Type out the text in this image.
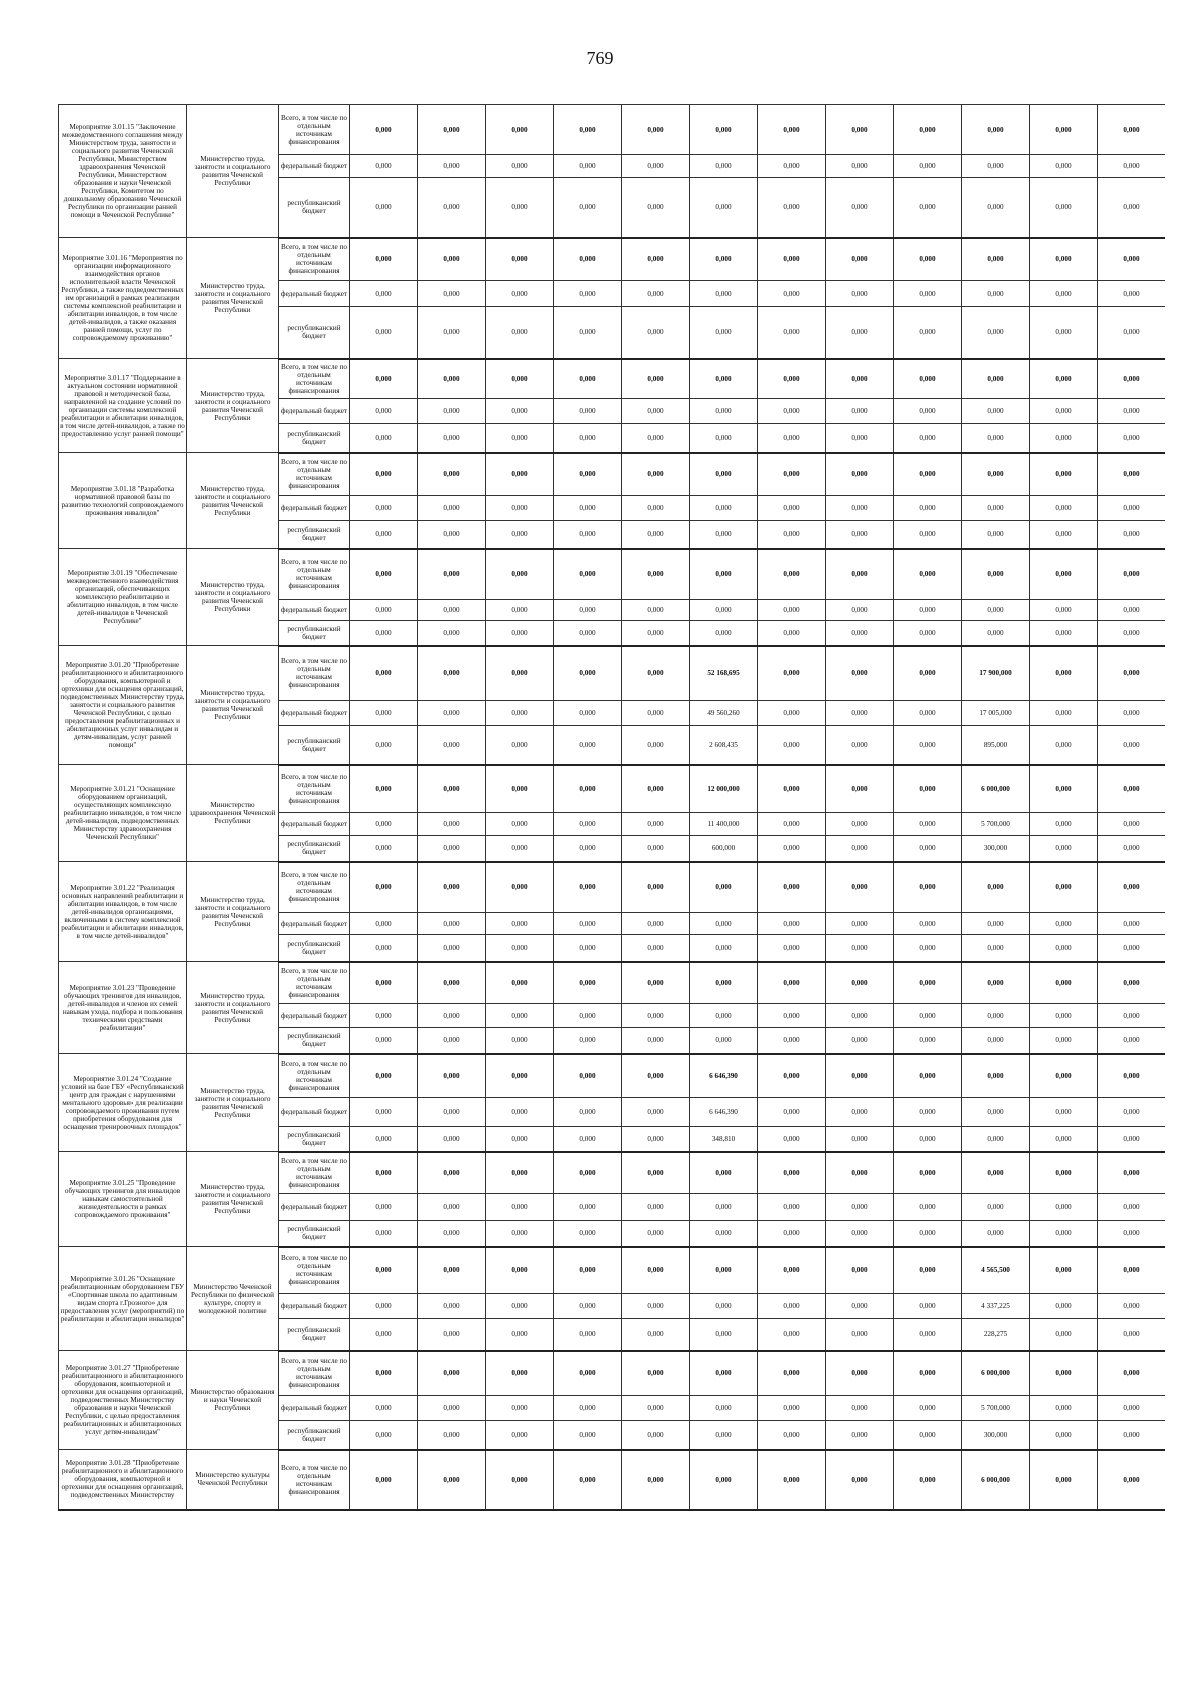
769
Мероприятие 3.01.15 "Заключение межведомственного соглашения между Министерством труда, занятости и социального развития Чеченской Республики, Министерством здравоохранения Чеченской Республики, Министерством образования и науки Чеченской Республики, Комитетом по дошкольному образованию Чеченской Республики по организации ранней помощи в Чеченской Республике"	Министерство труда, занятости и социального развития Чеченской Республики	Всего, в том числе по отдельным источникам финансирования	0,000	0,000	0,000	0,000	0,000	0,000	0,000	0,000	0,000	0,000	0,000	0,000
		федеральный бюджет	0,000	0,000	0,000	0,000	0,000	0,000	0,000	0,000	0,000	0,000	0,000	0,000
		республиканский бюджет	0,000	0,000	0,000	0,000	0,000	0,000	0,000	0,000	0,000	0,000	0,000	0,000
Мероприятие 3.01.16 "Мероприятия по организации информационного взаимодействия органов исполнительной власти Чеченской Республики, а также подведомственных им организаций в рамках реализации системы комплексной реабилитации и абилитации инвалидов, в том числе детей-инвалидов, а также оказания ранней помощи, услуг по сопровождаемому проживанию"	Министерство труда, занятости и социального развития Чеченской Республики	Всего, в том числе по отдельным источникам финансирования	0,000	0,000	0,000	0,000	0,000	0,000	0,000	0,000	0,000	0,000	0,000	0,000
		федеральный бюджет	0,000	0,000	0,000	0,000	0,000	0,000	0,000	0,000	0,000	0,000	0,000	0,000
		республиканский бюджет	0,000	0,000	0,000	0,000	0,000	0,000	0,000	0,000	0,000	0,000	0,000	0,000
Мероприятие 3.01.17 "Поддержание в актуальном состоянии нормативной правовой и методической базы, направленной на создание условий по организации системы комплексной реабилитации и абилитации инвалидов, в том числе детей-инвалидов, а также по предоставлению услуг ранней помощи"	Министерство труда, занятости и социального развития Чеченской Республики	Всего, в том числе по отдельным источникам финансирования	0,000	0,000	0,000	0,000	0,000	0,000	0,000	0,000	0,000	0,000	0,000	0,000
		федеральный бюджет	0,000	0,000	0,000	0,000	0,000	0,000	0,000	0,000	0,000	0,000	0,000	0,000
		республиканский бюджет	0,000	0,000	0,000	0,000	0,000	0,000	0,000	0,000	0,000	0,000	0,000	0,000
Мероприятие 3.01.18 "Разработка нормативной правовой базы по развитию технологий сопровождаемого проживания инвалидов"	Министерство труда, занятости и социального развития Чеченской Республики	Всего, в том числе по отдельным источникам финансирования	0,000	0,000	0,000	0,000	0,000	0,000	0,000	0,000	0,000	0,000	0,000	0,000
		федеральный бюджет	0,000	0,000	0,000	0,000	0,000	0,000	0,000	0,000	0,000	0,000	0,000	0,000
		республиканский бюджет	0,000	0,000	0,000	0,000	0,000	0,000	0,000	0,000	0,000	0,000	0,000	0,000
Мероприятие 3.01.19 "Обеспечение межведомственного взаимодействия организаций, обеспечивающих комплексную реабилитацию и абилитацию инвалидов, в том числе детей-инвалидов в Чеченской Республике"	Министерство труда, занятости и социального развития Чеченской Республики	Всего, в том числе по отдельным источникам финансирования	0,000	0,000	0,000	0,000	0,000	0,000	0,000	0,000	0,000	0,000	0,000	0,000
		федеральный бюджет	0,000	0,000	0,000	0,000	0,000	0,000	0,000	0,000	0,000	0,000	0,000	0,000
		республиканский бюджет	0,000	0,000	0,000	0,000	0,000	0,000	0,000	0,000	0,000	0,000	0,000	0,000
Мероприятие 3.01.20 "Приобретение реабилитационного и абилитационного оборудования, компьютерной и ортехники для оснащения организаций, подведомственных Министерству труда, занятости и социального развития Чеченской Республики, с целью предоставления реабилитационных и абилитационных услуг инвалидам и детям-инвалидам, услуг ранней помощи"	Министерство труда, занятости и социального развития Чеченской Республики	Всего, в том числе по отдельным источникам финансирования	0,000	0,000	0,000	0,000	0,000	52 168,695	0,000	0,000	0,000	17 900,000	0,000	0,000
		федеральный бюджет	0,000	0,000	0,000	0,000	0,000	49 560,260	0,000	0,000	0,000	17 005,000	0,000	0,000
		республиканский бюджет	0,000	0,000	0,000	0,000	0,000	2 608,435	0,000	0,000	0,000	895,000	0,000	0,000
Мероприятие 3.01.21 "Оснащение оборудованием организаций, осуществляющих комплексную реабилитацию инвалидов, в том числе детей-инвалидов, подведомственных Министерству здравоохранения Чеченской Республики"	Министерство здравоохранения Чеченской Республики	Всего, в том числе по отдельным источникам финансирования	0,000	0,000	0,000	0,000	0,000	12 000,000	0,000	0,000	0,000	6 000,000	0,000	0,000
		федеральный бюджет	0,000	0,000	0,000	0,000	0,000	11 400,000	0,000	0,000	0,000	5 700,000	0,000	0,000
		республиканский бюджет	0,000	0,000	0,000	0,000	0,000	600,000	0,000	0,000	0,000	300,000	0,000	0,000
Мероприятие 3.01.22 "Реализация основных направлений реабилитации и абилитации инвалидов, в том числе детей-инвалидов организациями, включенными в систему комплексной реабилитации и абилитации инвалидов, в том числе детей-инвалидов"	Министерство труда, занятости и социального развития Чеченской Республики	Всего, в том числе по отдельным источникам финансирования	0,000	0,000	0,000	0,000	0,000	0,000	0,000	0,000	0,000	0,000	0,000	0,000
		федеральный бюджет	0,000	0,000	0,000	0,000	0,000	0,000	0,000	0,000	0,000	0,000	0,000	0,000
		республиканский бюджет	0,000	0,000	0,000	0,000	0,000	0,000	0,000	0,000	0,000	0,000	0,000	0,000
Мероприятие 3.01.23 "Проведение обучающих тренингов для инвалидов, детей-инвалидов и членов их семей навыкам ухода, подбора и пользования техническими средствами реабилитации"	Министерство труда, занятости и социального развития Чеченской Республики	Всего, в том числе по отдельным источникам финансирования	0,000	0,000	0,000	0,000	0,000	0,000	0,000	0,000	0,000	0,000	0,000	0,000
		федеральный бюджет	0,000	0,000	0,000	0,000	0,000	0,000	0,000	0,000	0,000	0,000	0,000	0,000
		республиканский бюджет	0,000	0,000	0,000	0,000	0,000	0,000	0,000	0,000	0,000	0,000	0,000	0,000
Мероприятие 3.01.24 "Создание условий на базе ГБУ «Республиканский центр для граждан с нарушениями ментального здоровья» для реализации сопровождаемого проживания путем приобретения оборудования для оснащения тренировочных площадок"	Министерство труда, занятости и социального развития Чеченской Республики	Всего, в том числе по отдельным источникам финансирования	0,000	0,000	0,000	0,000	0,000	6 646,390	0,000	0,000	0,000	0,000	0,000	0,000
		федеральный бюджет	0,000	0,000	0,000	0,000	0,000	6 646,390	0,000	0,000	0,000	0,000	0,000	0,000
		республиканский бюджет	0,000	0,000	0,000	0,000	0,000	348,810	0,000	0,000	0,000	0,000	0,000	0,000
Мероприятие 3.01.25 "Проведение обучающих тренингов для инвалидов навыкам самостоятельной жизнедеятельности в рамках сопровождаемого проживания"	Министерство труда, занятости и социального развития Чеченской Республики	Всего, в том числе по отдельным источникам финансирования	0,000	0,000	0,000	0,000	0,000	0,000	0,000	0,000	0,000	0,000	0,000	0,000
		федеральный бюджет	0,000	0,000	0,000	0,000	0,000	0,000	0,000	0,000	0,000	0,000	0,000	0,000
		республиканский бюджет	0,000	0,000	0,000	0,000	0,000	0,000	0,000	0,000	0,000	0,000	0,000	0,000
Мероприятие 3.01.26 "Оснащение реабилитационным оборудованием ГБУ «Спортивная школа по адаптивным видам спорта г.Грозного» для предоставления услуг (мероприятий) по реабилитации и абилитации инвалидов"	Министерство Чеченской Республики по физической культуре, спорту и молодежной политике	Всего, в том числе по отдельным источникам финансирования	0,000	0,000	0,000	0,000	0,000	0,000	0,000	0,000	0,000	4 565,500	0,000	0,000
		федеральный бюджет	0,000	0,000	0,000	0,000	0,000	0,000	0,000	0,000	0,000	4 337,225	0,000	0,000
		республиканский бюджет	0,000	0,000	0,000	0,000	0,000	0,000	0,000	0,000	0,000	228,275	0,000	0,000
Мероприятие 3.01.27 "Приобретение реабилитационного и абилитационного оборудования, компьютерной и ортехники для оснащения организаций, подведомственных Министерству образования и науки Чеченской Республики, с целью предоставления реабилитационных и абилитационных услуг детям-инвалидам"	Министерство образования и науки Чеченской Республики	Всего, в том числе по отдельным источникам финансирования	0,000	0,000	0,000	0,000	0,000	0,000	0,000	0,000	0,000	6 000,000	0,000	0,000
		федеральный бюджет	0,000	0,000	0,000	0,000	0,000	0,000	0,000	0,000	0,000	5 700,000	0,000	0,000
		республиканский бюджет	0,000	0,000	0,000	0,000	0,000	0,000	0,000	0,000	0,000	300,000	0,000	0,000
Мероприятие 3.01.28 "Приобретение реабилитационного и абилитационного оборудования, компьютерной и ортехники для оснащения организаций, подведомственных Министерству	Министерство культуры Чеченской Республики	Всего, в том числе по отдельным источникам финансирования	0,000	0,000	0,000	0,000	0,000	0,000	0,000	0,000	0,000	6 000,000	0,000	0,000
